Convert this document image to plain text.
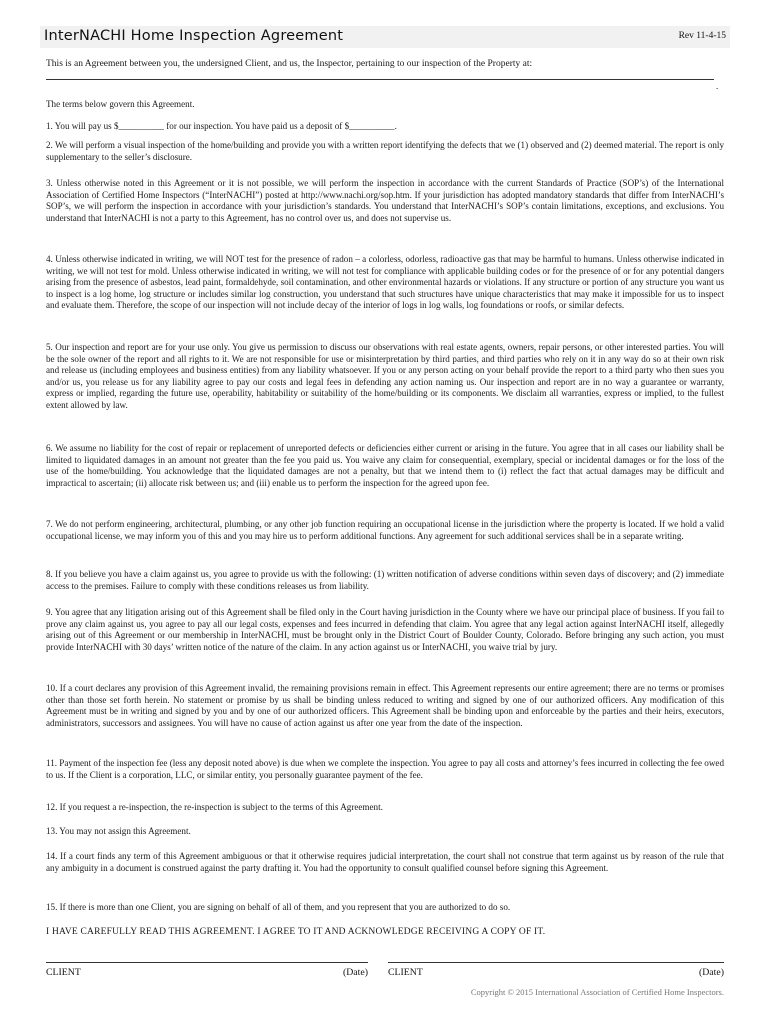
InterNACHI Home Inspection Agreement	Rev 11-4-15

This is an Agreement between you, the undersigned Client, and us, the Inspector, pertaining to our inspection of the Property at:

.

The terms below govern this Agreement.

1. You will pay us $__________ for our inspection. You have paid us a deposit of $__________.

2. We will perform a visual inspection of the home/building and provide you with a written report identifying the defects that we (1) observed and (2) deemed material. The report is only supplementary to the seller’s disclosure.

3. Unless otherwise noted in this Agreement or it is not possible, we will perform the inspection in accordance with the current Standards of Practice (SOP’s) of the International Association of Certified Home Inspectors (“InterNACHI”) posted at http://www.nachi.org/sop.htm. If your jurisdiction has adopted mandatory standards that differ from InterNACHI’s SOP’s, we will perform the inspection in accordance with your jurisdiction’s standards. You understand that InterNACHI’s SOP’s contain limitations, exceptions, and exclusions. You understand that InterNACHI is not a party to this Agreement, has no control over us, and does not supervise us.

4. Unless otherwise indicated in writing, we will NOT test for the presence of radon – a colorless, odorless, radioactive gas that may be harmful to humans. Unless otherwise indicated in writing, we will not test for mold. Unless otherwise indicated in writing, we will not test for compliance with applicable building codes or for the presence of or for any potential dangers arising from the presence of asbestos, lead paint, formaldehyde, soil contamination, and other environmental hazards or violations. If any structure or portion of any structure you want us to inspect is a log home, log structure or includes similar log construction, you understand that such structures have unique characteristics that may make it impossible for us to inspect and evaluate them. Therefore, the scope of our inspection will not include decay of the interior of logs in log walls, log foundations or roofs, or similar defects.

5. Our inspection and report are for your use only. You give us permission to discuss our observations with real estate agents, owners, repair persons, or other interested parties. You will be the sole owner of the report and all rights to it. We are not responsible for use or misinterpretation by third parties, and third parties who rely on it in any way do so at their own risk and release us (including employees and business entities) from any liability whatsoever. If you or any person acting on your behalf provide the report to a third party who then sues you and/or us, you release us for any liability agree to pay our costs and legal fees in defending any action naming us. Our inspection and report are in no way a guarantee or warranty, express or implied, regarding the future use, operability, habitability or suitability of the home/building or its components. We disclaim all warranties, express or implied, to the fullest extent allowed by law.

6. We assume no liability for the cost of repair or replacement of unreported defects or deficiencies either current or arising in the future. You agree that in all cases our liability shall be limited to liquidated damages in an amount not greater than the fee you paid us. You waive any claim for consequential, exemplary, special or incidental damages or for the loss of the use of the home/building. You acknowledge that the liquidated damages are not a penalty, but that we intend them to (i) reflect the fact that actual damages may be difficult and impractical to ascertain; (ii) allocate risk between us; and (iii) enable us to perform the inspection for the agreed upon fee.

7. We do not perform engineering, architectural, plumbing, or any other job function requiring an occupational license in the jurisdiction where the property is located. If we hold a valid occupational license, we may inform you of this and you may hire us to perform additional functions. Any agreement for such additional services shall be in a separate writing.

8. If you believe you have a claim against us, you agree to provide us with the following: (1) written notification of adverse conditions within seven days of discovery; and (2) immediate access to the premises. Failure to comply with these conditions releases us from liability.

9. You agree that any litigation arising out of this Agreement shall be filed only in the Court having jurisdiction in the County where we have our principal place of business. If you fail to prove any claim against us, you agree to pay all our legal costs, expenses and fees incurred in defending that claim. You agree that any legal action against InterNACHI itself, allegedly arising out of this Agreement or our membership in InterNACHI, must be brought only in the District Court of Boulder County, Colorado. Before bringing any such action, you must provide InterNACHI with 30 days’ written notice of the nature of the claim. In any action against us or InterNACHI, you waive trial by jury.

10. If a court declares any provision of this Agreement invalid, the remaining provisions remain in effect. This Agreement represents our entire agreement; there are no terms or promises other than those set forth herein. No statement or promise by us shall be binding unless reduced to writing and signed by one of our authorized officers. Any modification of this Agreement must be in writing and signed by you and by one of our authorized officers. This Agreement shall be binding upon and enforceable by the parties and their heirs, executors, administrators, successors and assignees. You will have no cause of action against us after one year from the date of the inspection.

11. Payment of the inspection fee (less any deposit noted above) is due when we complete the inspection. You agree to pay all costs and attorney’s fees incurred in collecting the fee owed to us. If the Client is a corporation, LLC, or similar entity, you personally guarantee payment of the fee.

12. If you request a re-inspection, the re-inspection is subject to the terms of this Agreement.

13. You may not assign this Agreement.

14. If a court finds any term of this Agreement ambiguous or that it otherwise requires judicial interpretation, the court shall not construe that term against us by reason of the rule that any ambiguity in a document is construed against the party drafting it. You had the opportunity to consult qualified counsel before signing this Agreement.

15. If there is more than one Client, you are signing on behalf of all of them, and you represent that you are authorized to do so.

I HAVE CAREFULLY READ THIS AGREEMENT. I AGREE TO IT AND ACKNOWLEDGE RECEIVING A COPY OF IT.

CLIENT	(Date) CLIENT	(Date)
Copyright © 2015 International Association of Certified Home Inspectors.
